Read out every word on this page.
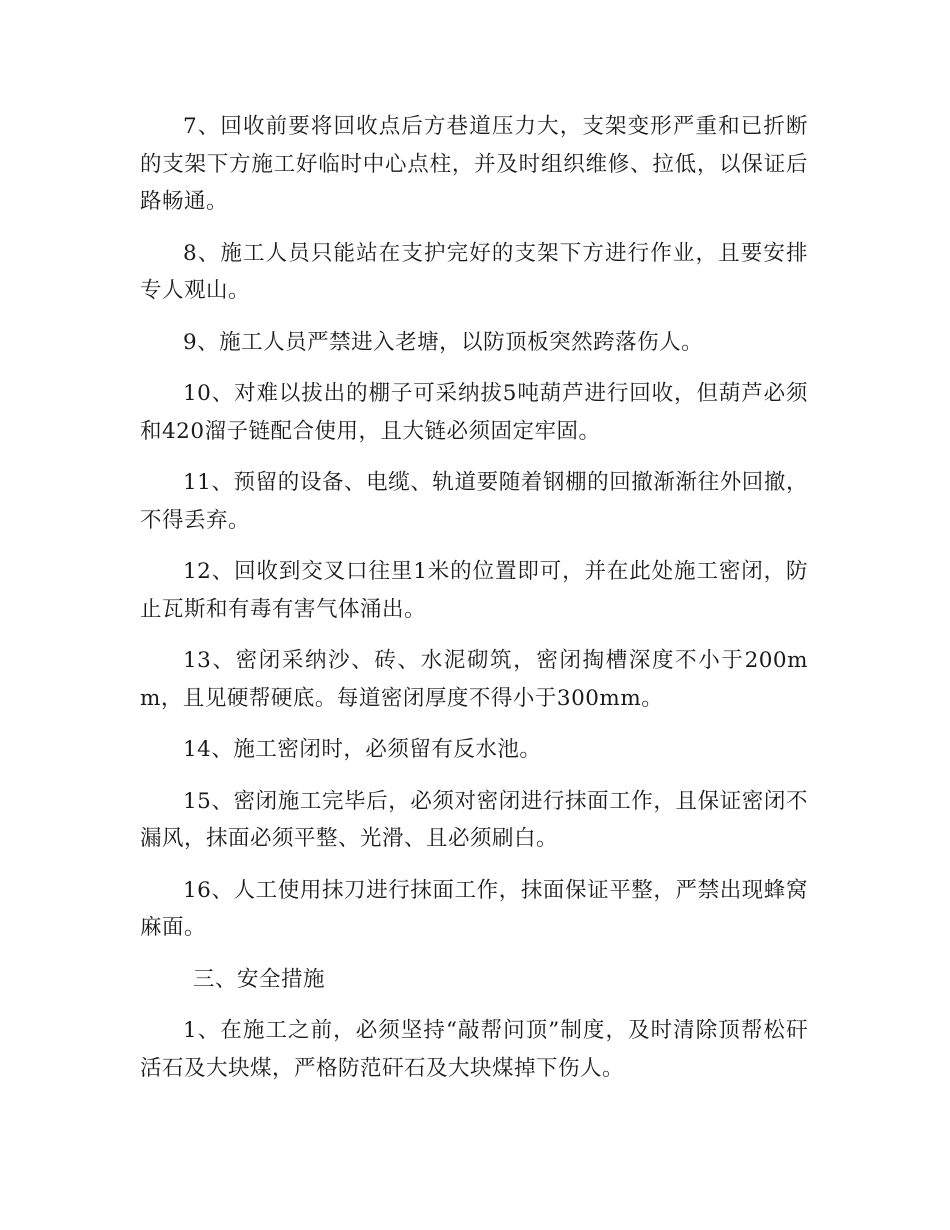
7、回收前要将回收点后方巷道压力大，支架变形严重和已折断的支架下方施工好临时中心点柱，并及时组织维修、拉低，以保证后路畅通。

8、施工人员只能站在支护完好的支架下方进行作业，且要安排专人观山。

9、施工人员严禁进入老塘，以防顶板突然跨落伤人。

10、对难以拔出的棚子可采纳拔5吨葫芦进行回收，但葫芦必须和420溜子链配合使用，且大链必须固定牢固。

11、预留的设备、电缆、轨道要随着钢棚的回撤渐渐往外回撤，不得丢弃。

12、回收到交叉口往里1米的位置即可，并在此处施工密闭，防止瓦斯和有毒有害气体涌出。

13、密闭采纳沙、砖、水泥砌筑，密闭掏槽深度不小于200mm，且见硬帮硬底。每道密闭厚度不得小于300mm。

14、施工密闭时，必须留有反水池。

15、密闭施工完毕后，必须对密闭进行抹面工作，且保证密闭不漏风，抹面必须平整、光滑、且必须刷白。

16、人工使用抹刀进行抹面工作，抹面保证平整，严禁出现蜂窝麻面。

三、安全措施

1、在施工之前，必须坚持“敲帮问顶”制度，及时清除顶帮松矸活石及大块煤，严格防范矸石及大块煤掉下伤人。
